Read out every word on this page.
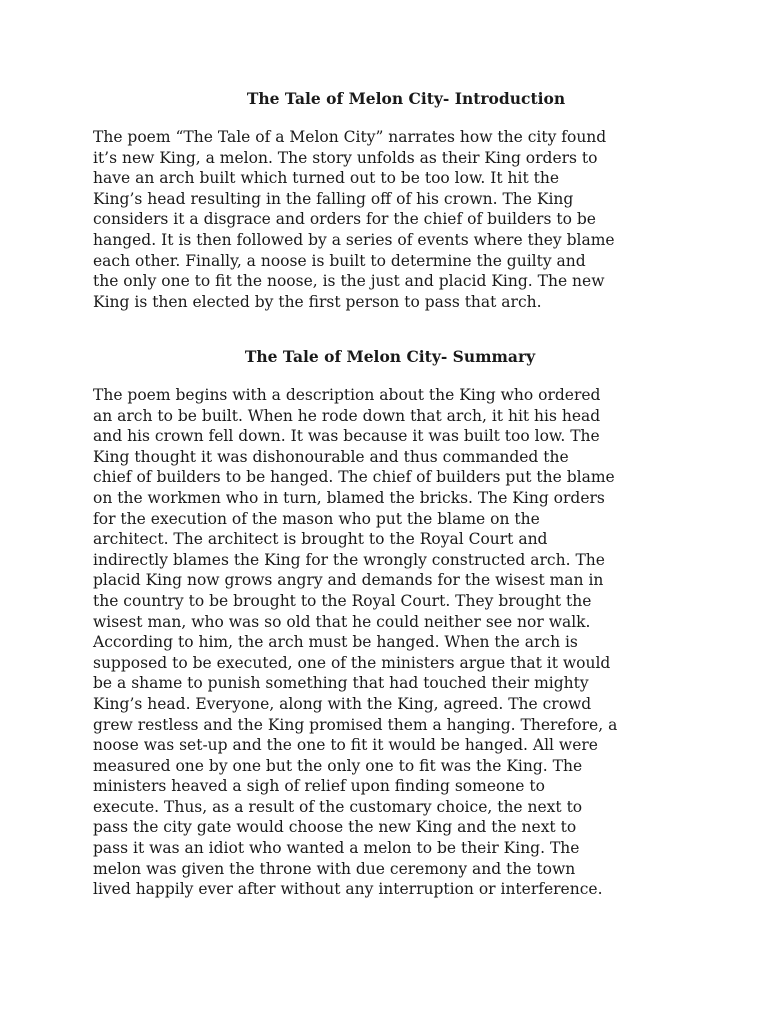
The Tale of Melon City- Introduction

The poem “The Tale of a Melon City” narrates how the city found
it’s new King, a melon. The story unfolds as their King orders to
have an arch built which turned out to be too low. It hit the
King’s head resulting in the falling off of his crown. The King
considers it a disgrace and orders for the chief of builders to be
hanged. It is then followed by a series of events where they blame
each other. Finally, a noose is built to determine the guilty and
the only one to fit the noose, is the just and placid King. The new
King is then elected by the first person to pass that arch.

The Tale of Melon City- Summary

The poem begins with a description about the King who ordered
an arch to be built. When he rode down that arch, it hit his head
and his crown fell down. It was because it was built too low. The
King thought it was dishonourable and thus commanded the
chief of builders to be hanged. The chief of builders put the blame
on the workmen who in turn, blamed the bricks. The King orders
for the execution of the mason who put the blame on the
architect. The architect is brought to the Royal Court and
indirectly blames the King for the wrongly constructed arch. The
placid King now grows angry and demands for the wisest man in
the country to be brought to the Royal Court. They brought the
wisest man, who was so old that he could neither see nor walk.
According to him, the arch must be hanged. When the arch is
supposed to be executed, one of the ministers argue that it would
be a shame to punish something that had touched their mighty
King’s head. Everyone, along with the King, agreed. The crowd
grew restless and the King promised them a hanging. Therefore, a
noose was set-up and the one to fit it would be hanged. All were
measured one by one but the only one to fit was the King. The
ministers heaved a sigh of relief upon finding someone to
execute. Thus, as a result of the customary choice, the next to
pass the city gate would choose the new King and the next to
pass it was an idiot who wanted a melon to be their King. The
melon was given the throne with due ceremony and the town
lived happily ever after without any interruption or interference.
